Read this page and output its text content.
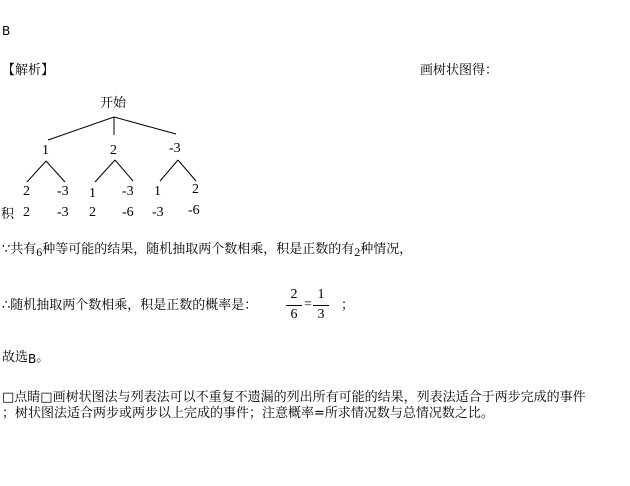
B
【解析】	画树状图得：
开始
1	2	-3
2 -3 1 -3 1 2
积 2 -3 2 -6 -3 -6
∵共有6种等可能的结果，随机抽取两个数相乘，积是正数的有2种情况，
∴随机抽取两个数相乘，积是正数的概率是：
2
6
=
1
3
；
故选B。
□点睛□画树状图法与列表法可以不重复不遗漏的列出所有可能的结果，列表法适合于两步完成的事件
；树状图法适合两步或两步以上完成的事件；注意概率=所求情况数与总情况数之比。
